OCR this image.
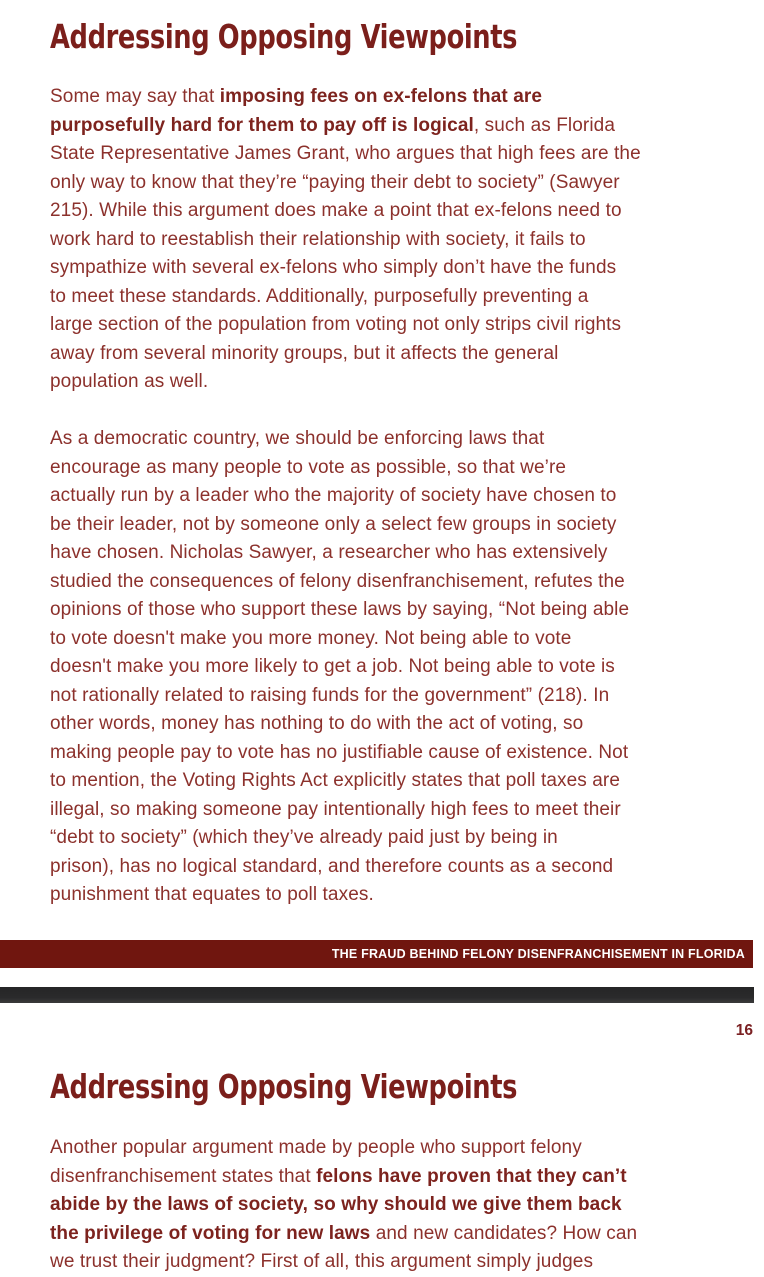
Addressing Opposing Viewpoints
Some may say that imposing fees on ex-felons that are
purposefully hard for them to pay off is logical, such as Florida
State Representative James Grant, who argues that high fees are the
only way to know that they’re “paying their debt to society” (Sawyer
215). While this argument does make a point that ex-felons need to
work hard to reestablish their relationship with society, it fails to
sympathize with several ex-felons who simply don’t have the funds
to meet these standards. Additionally, purposefully preventing a
large section of the population from voting not only strips civil rights
away from several minority groups, but it affects the general
population as well.
As a democratic country, we should be enforcing laws that
encourage as many people to vote as possible, so that we’re
actually run by a leader who the majority of society have chosen to
be their leader, not by someone only a select few groups in society
have chosen. Nicholas Sawyer, a researcher who has extensively
studied the consequences of felony disenfranchisement, refutes the
opinions of those who support these laws by saying, “Not being able
to vote doesn't make you more money. Not being able to vote
doesn't make you more likely to get a job. Not being able to vote is
not rationally related to raising funds for the government” (218). In
other words, money has nothing to do with the act of voting, so
making people pay to vote has no justifiable cause of existence. Not
to mention, the Voting Rights Act explicitly states that poll taxes are
illegal, so making someone pay intentionally high fees to meet their
“debt to society” (which they’ve already paid just by being in
prison), has no logical standard, and therefore counts as a second
punishment that equates to poll taxes.
THE FRAUD BEHIND FELONY DISENFRANCHISEMENT IN FLORIDA
16
Addressing Opposing Viewpoints
Another popular argument made by people who support felony
disenfranchisement states that felons have proven that they can’t
abide by the laws of society, so why should we give them back
the privilege of voting for new laws and new candidates? How can
we trust their judgment? First of all, this argument simply judges
